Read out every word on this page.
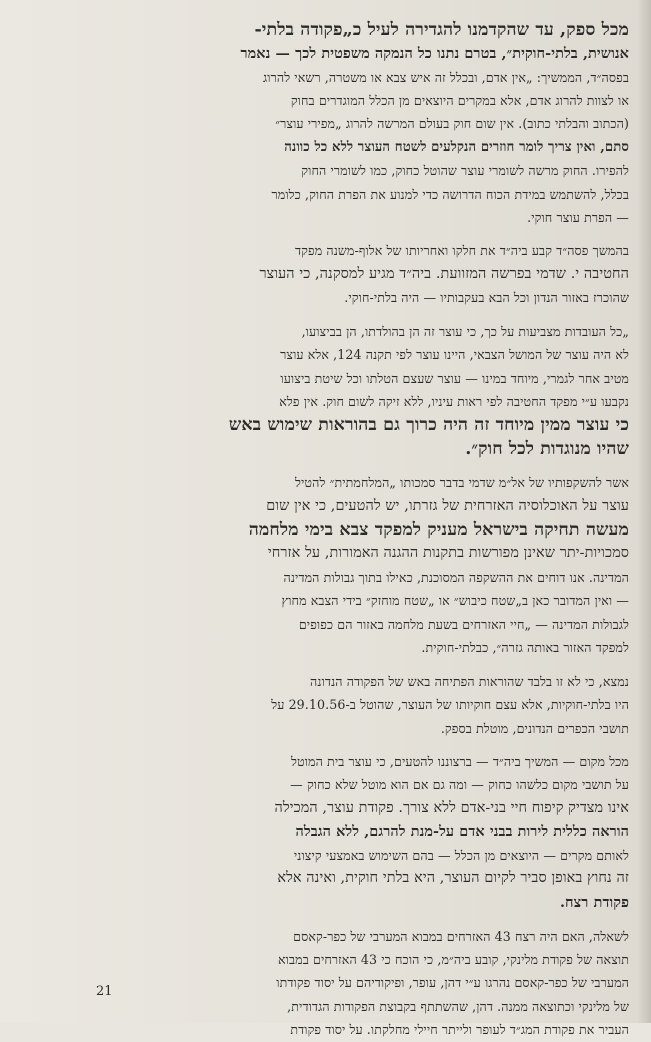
מכל ספק, עד שהקדמנו להגדירה לעיל כ„פקודה בלתי-
אנושית, בלתי-חוקית״, בטרם נתנו כל הנמקה משפטית לכך — נאמר
בפסה״ד, הממשיך: „אין אדם, ובכלל זה איש צבא או משטרה, רשאי להרוג
או לצוות להרוג אדם, אלא במקרים היוצאים מן הכלל המוגדרים בחוק
(הכתוב והבלתי כתוב). אין שום חוק בעולם המרשה להרוג „מפירי עוצר״
סתם, ואין צריך לומר חוזרים הנקלעים לשטח העוצר ללא כל כוונה
להפירו. החוק מרשה לשומרי עוצר שהוטל כחוק, כמו לשומרי החוק
בכלל, להשתמש במידת הכוח הדרושה כדי למנוע את הפרת החוק, כלומר
— הפרת עוצר חוקי.
בהמשך פסה״ד קבע ביה״ד את חלקו ואחריותו של אלוף-משנה מפקד
החטיבה י. שדמי בפרשה המזוועת. ביה״ד מגיע למסקנה, כי העוצר
שהוכרז באזור הנדון וכל הבא בעקבותיו — היה בלתי-חוקי.
„כל העובדות מצביעות על כך, כי עוצר זה הן בהולדתו, הן בביצועו,
לא היה עוצר של המושל הצבאי, היינו עוצר לפי תקנה 124, אלא עוצר
מטיב אחר לגמרי, מיוחד במינו — עוצר שעצם הטלתו וכל שיטת ביצועו
נקבעו ע״י מפקד החטיבה לפי ראות עיניו, ללא זיקה לשום חוק. אין פלא
כי עוצר ממין מיוחד זה היה כרוך גם בהוראות שימוש באש
שהיו מנוגדות לכל חוק״.
אשר להשקפותיו של אל״מ שדמי בדבר סמכותו „המלחמתית״ להטיל
עוצר על האוכלוסיה האזרחית של גזרתו, יש להטעים, כי אין שום
מעשה תחיקה בישראל מעניק למפקד צבא בימי מלחמה
סמכויות-יתר שאינן מפורשות בתקנות ההגנה האמורות, על אזרחי
המדינה. אנו דוחים את ההשקפה המסוכנת, כאילו בתוך גבולות המדינה
— ואין המדובר כאן ב„שטח כיבוש״ או „שטח מוחזק״ בידי הצבא מחוץ
לגבולות המדינה — „חיי האזרחים בשעת מלחמה באזור הם כפופים
למפקד האזור באותה גזרה״, כבלתי-חוקית.
נמצא, כי לא זו בלבד שהוראות הפתיחה באש של הפקודה הנדונה
היו בלתי-חוקיות, אלא עצם חוקיותו של העוצר, שהוטל ב-29.10.56 על
תושבי הכפרים הנדונים, מוטלת בספק.
מכל מקום — המשיך ביה״ד — ברצוננו להטעים, כי עוצר בית המוטל
על תושבי מקום כלשהו כחוק — ומה גם אם הוא מוטל שלא כחוק —
אינו מצדיק קיפוח חיי בני-אדם ללא צורך. פקודת עוצר, המכילה
הוראה כללית לירות בבני אדם על-מנת להרגם, ללא הגבלה
לאותם מקרים — היוצאים מן הכלל — בהם השימוש באמצעי קיצוני
זה נחוץ באופן סביר לקיום העוצר, היא בלתי חוקית, ואינה אלא
פקודת רצח.
לשאלה, האם היה רצח 43 האזרחים במבוא המערבי של כפר-קאסם
תוצאה של פקודת מלינקי, קובע ביה״מ, כי הוכח כי 43 האזרחים במבוא
המערבי של כפר-קאסם נהרגו ע״י דהן, עופר, ופיקודיהם על יסוד פקודתו
של מלינקי וכתוצאה ממנה. דהן, שהשתתף בקבוצת הפקודות הגדודית,
העביר את פקודת המג״ד לעופר ולייתר חיילי מחלקתו. על יסוד פקודת
21
